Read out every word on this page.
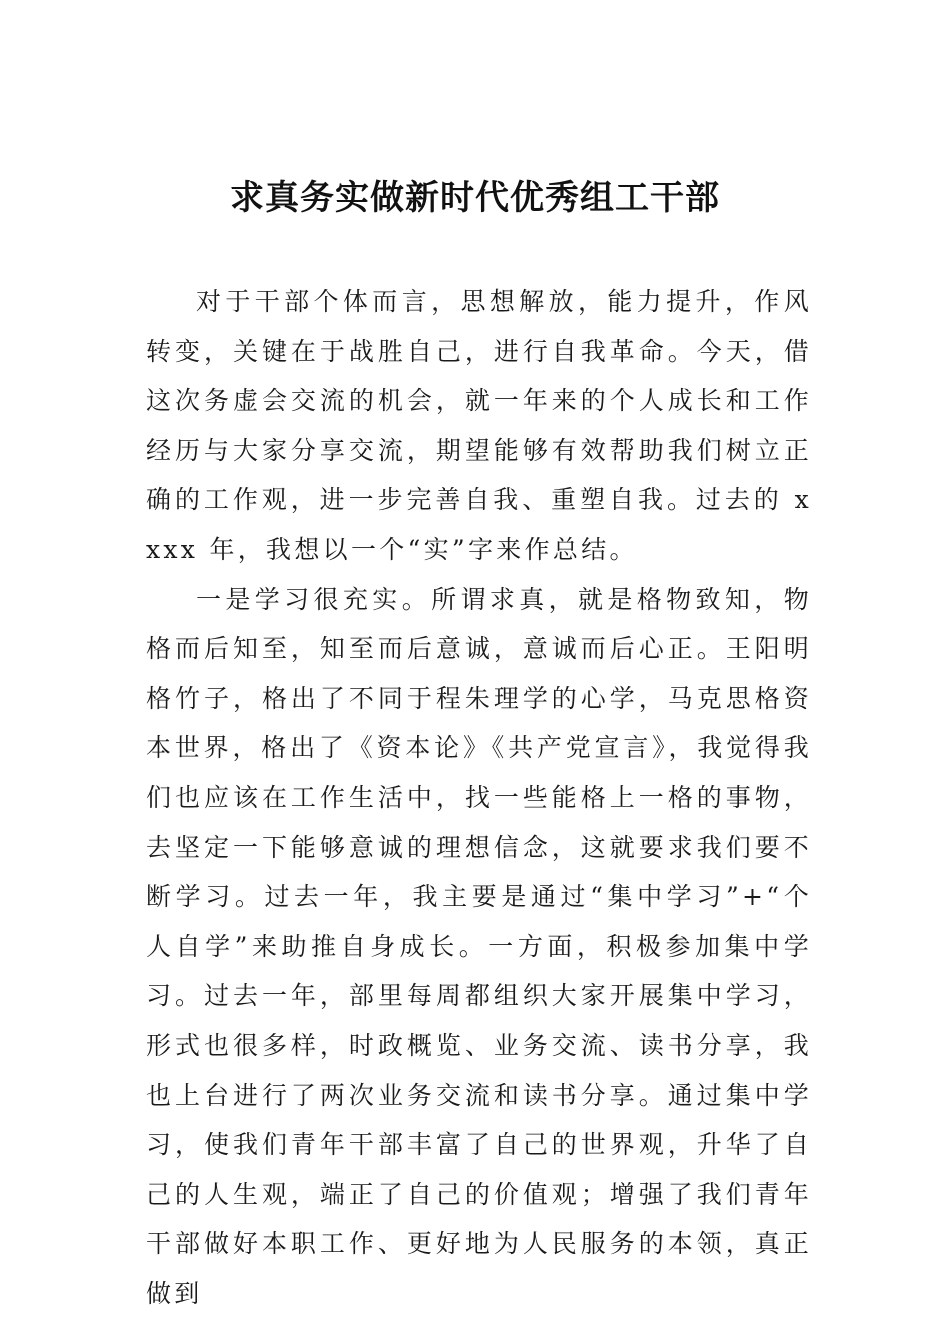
求真务实做新时代优秀组工干部

对于干部个体而言，思想解放，能力提升，作风转变，关键在于战胜自己，进行自我革命。今天，借这次务虚会交流的机会，就一年来的个人成长和工作经历与大家分享交流，期望能够有效帮助我们树立正确的工作观，进一步完善自我、重塑自我。过去的 xxxx 年，我想以一个“实”字来作总结。

一是学习很充实。所谓求真，就是格物致知，物格而后知至，知至而后意诚，意诚而后心正。王阳明格竹子，格出了不同于程朱理学的心学，马克思格资本世界，格出了《资本论》《共产党宣言》，我觉得我们也应该在工作生活中，找一些能格上一格的事物，去坚定一下能够意诚的理想信念，这就要求我们要不断学习。过去一年，我主要是通过“集中学习”+“个人自学”来助推自身成长。一方面，积极参加集中学习。过去一年，部里每周都组织大家开展集中学习，形式也很多样，时政概览、业务交流、读书分享，我也上台进行了两次业务交流和读书分享。通过集中学习，使我们青年干部丰富了自己的世界观，升华了自己的人生观，端正了自己的价值观；增强了我们青年干部做好本职工作、更好地为人民服务的本领，真正做到
